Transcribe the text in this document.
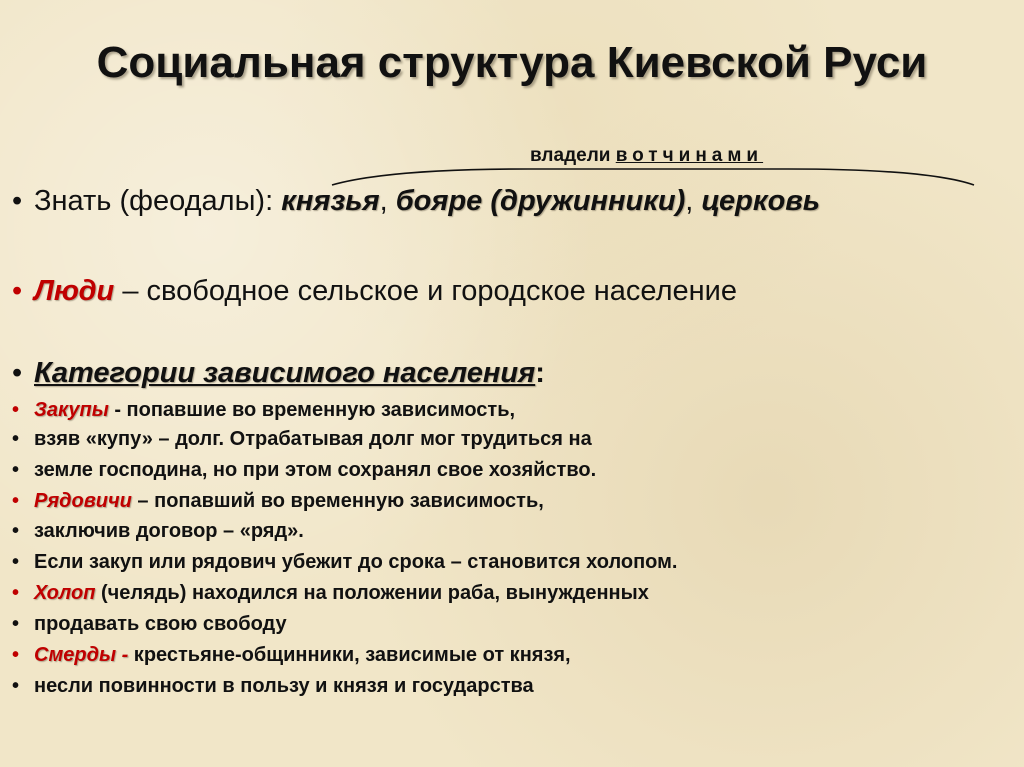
Социальная структура Киевской Руси
владели вотчинами
• Знать (феодалы): князья, бояре (дружинники), церковь
• Люди – свободное сельское и городское население
• Категории зависимого населения:
• Закупы - попавшие во временную зависимость,
• взяв «купу» – долг. Отрабатывая долг мог трудиться на
• земле господина, но при этом сохранял свое хозяйство.
• Рядовичи – попавший во временную зависимость,
• заключив договор – «ряд».
• Если закуп или рядович убежит до срока – становится холопом.
• Холоп (челядь) находился на положении раба, вынужденных
• продавать свою свободу
• Смерды - крестьяне-общинники, зависимые от князя,
• несли повинности в пользу и князя и государства
